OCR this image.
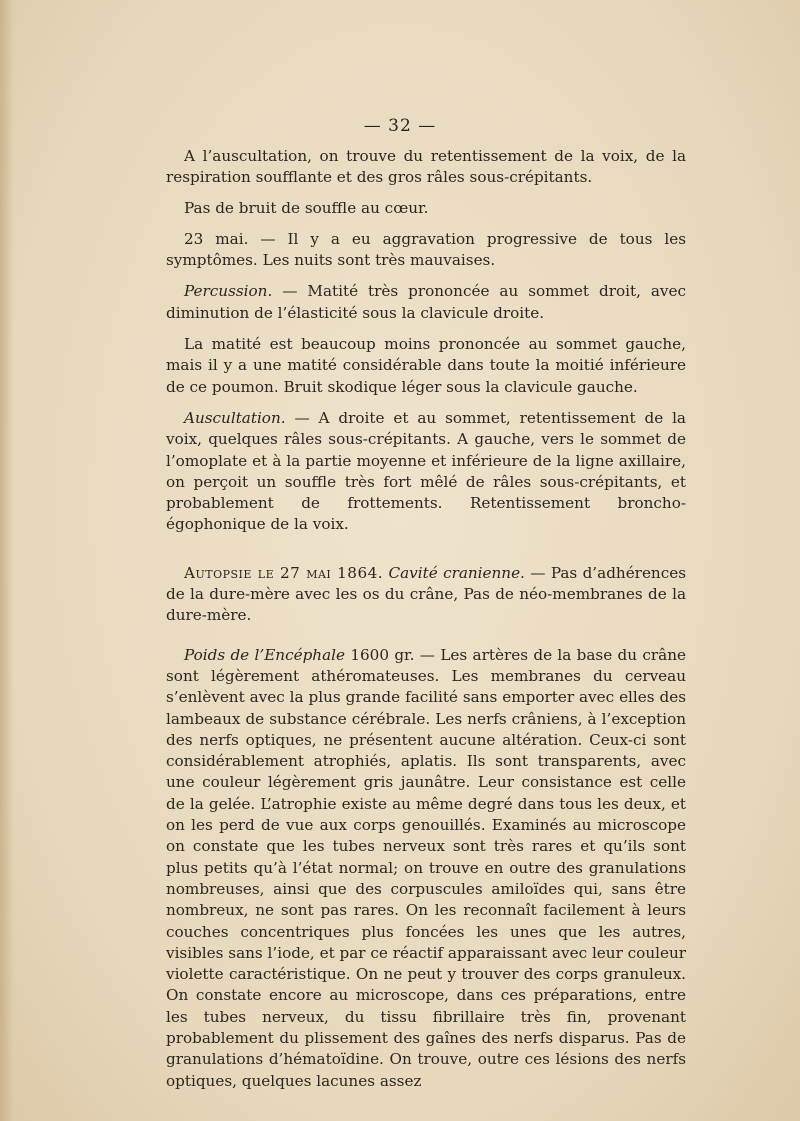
— 32 —

A l’auscultation, on trouve du retentissement de la voix, de la respiration soufflante et des gros râles sous-crépitants.

Pas de bruit de souffle au cœur.

23 mai. — Il y a eu aggravation progressive de tous les symptômes. Les nuits sont très mauvaises.

Percussion. — Matité très prononcée au sommet droit, avec diminution de l’élasticité sous la clavicule droite.

La matité est beaucoup moins prononcée au sommet gauche, mais il y a une matité considérable dans toute la moitié inférieure de ce poumon. Bruit skodique léger sous la clavicule gauche.

Auscultation. — A droite et au sommet, retentissement de la voix, quelques râles sous-crépitants. A gauche, vers le sommet de l’omoplate et à la partie moyenne et inférieure de la ligne axillaire, on perçoit un souffle très fort mêlé de râles sous-crépitants, et probablement de frottements. Retentissement broncho-égophonique de la voix.

Autopsie le 27 mai 1864. Cavité cranienne. — Pas d’adhérences de la dure-mère avec les os du crâne, Pas de néo-membranes de la dure-mère.

Poids de l’Encéphale 1600 gr. — Les artères de la base du crâne sont légèrement athéromateuses. Les membranes du cerveau s’enlèvent avec la plus grande facilité sans emporter avec elles des lambeaux de substance cérébrale. Les nerfs crâniens, à l’exception des nerfs optiques, ne présentent aucune altération. Ceux-ci sont considérablement atrophiés, aplatis. Ils sont transparents, avec une couleur légèrement gris jaunâtre. Leur consistance est celle de la gelée. L’atrophie existe au même degré dans tous les deux, et on les perd de vue aux corps genouillés. Examinés au microscope on constate que les tubes nerveux sont très rares et qu’ils sont plus petits qu’à l’état normal; on trouve en outre des granulations nombreuses, ainsi que des corpuscules amiloïdes qui, sans être nombreux, ne sont pas rares. On les reconnaît facilement à leurs couches concentriques plus foncées les unes que les autres, visibles sans l’iode, et par ce réactif apparaissant avec leur couleur violette caractéristique. On ne peut y trouver des corps granuleux. On constate encore au microscope, dans ces préparations, entre les tubes nerveux, du tissu fibrillaire très fin, provenant probablement du plissement des gaînes des nerfs disparus. Pas de granulations d’hématoïdine. On trouve, outre ces lésions des nerfs optiques, quelques lacunes assez
